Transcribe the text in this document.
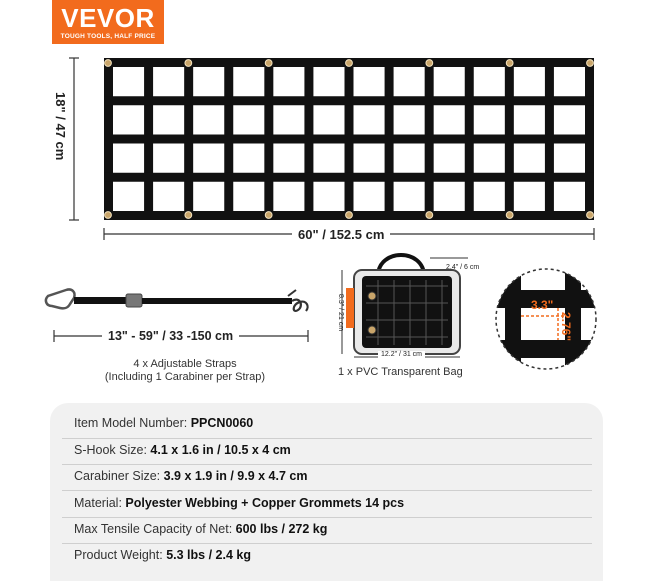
VEVOR
TOUGH TOOLS, HALF PRICE
18" / 47 cm
60" / 152.5 cm
13" - 59" / 33 -150 cm
4 x Adjustable Straps
(Including 1 Carabiner per Strap)
2.4" / 6 cm
8.3" / 21 cm
12.2" / 31 cm
1 x PVC Transparent Bag
3.3"
2.76"
Item Model Number: PPCN0060
S-Hook Size: 4.1 x 1.6 in / 10.5 x 4 cm
Carabiner Size: 3.9 x 1.9 in / 9.9 x 4.7 cm
Material: Polyester Webbing + Copper Grommets 14 pcs
Max Tensile Capacity of Net: 600 lbs / 272 kg
Product Weight: 5.3 lbs / 2.4 kg
